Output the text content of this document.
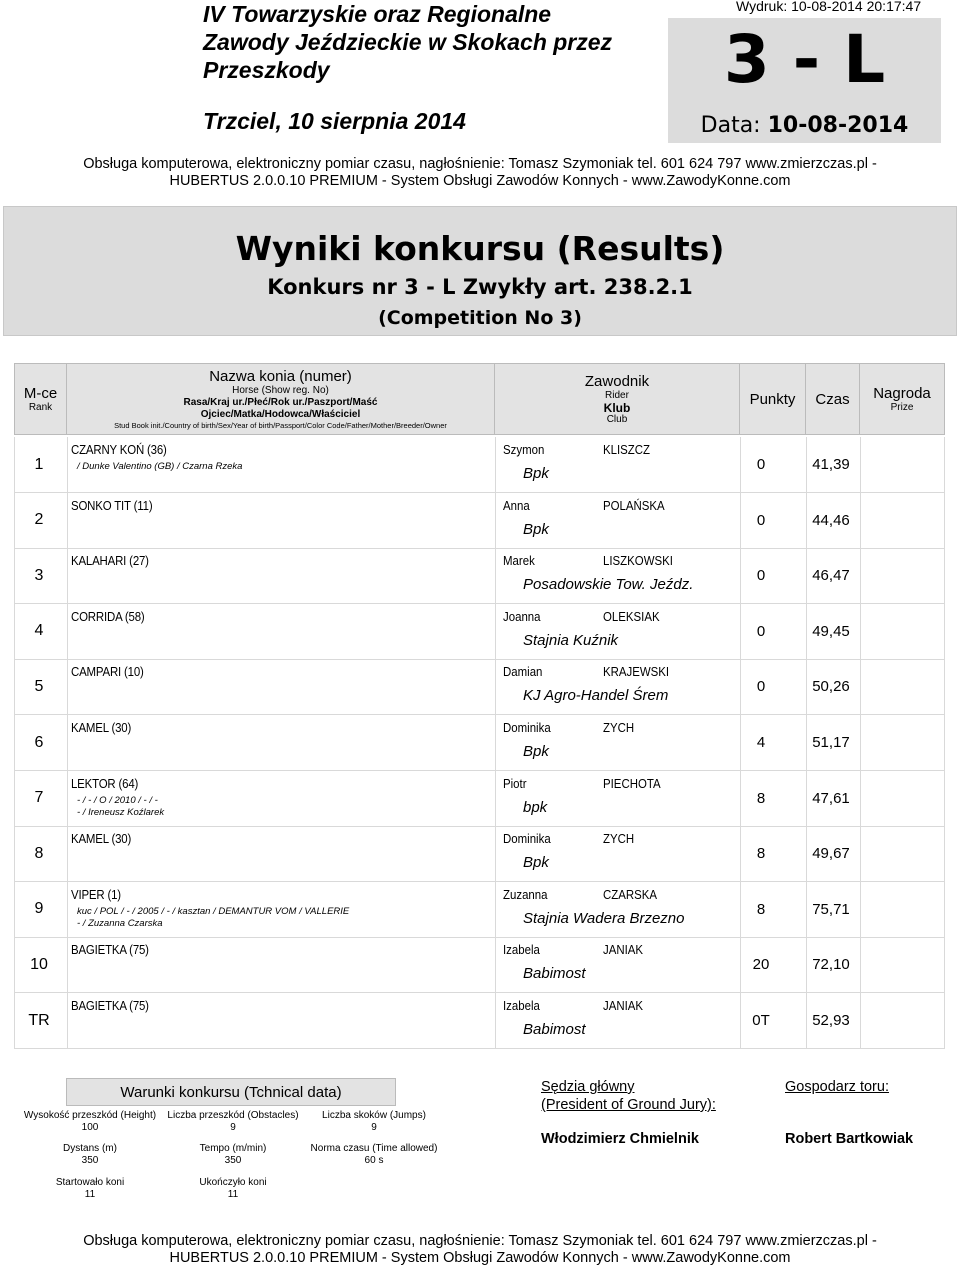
IV Towarzyskie oraz Regionalne
Zawody Jeździeckie w Skokach przez
Przeszkody
Trzciel, 10 sierpnia 2014
Wydruk: 10-08-2014 20:17:47
3 - L
Data: 10-08-2014
Obsługa komputerowa, elektroniczny pomiar czasu, nagłośnienie: Tomasz Szymoniak tel. 601 624 797 www.zmierzczas.pl -
HUBERTUS 2.0.0.10 PREMIUM - System Obsługi Zawodów Konnych - www.ZawodyKonne.com
Wyniki konkursu (Results)
Konkurs nr 3 - L Zwykły art. 238.2.1
(Competition No 3)
M-ce
Rank
Nazwa konia (numer)
Horse (Show reg. No)
Rasa/Kraj ur./Płeć/Rok ur./Paszport/Maść
Ojciec/Matka/Hodowca/Właściciel
Stud Book init./Country of birth/Sex/Year of birth/Passport/Color Code/Father/Mother/Breeder/Owner
Zawodnik
Rider
Klub
Club
Punkty Czas Nagroda
Prize
1
CZARNY KOŃ (36)
/ Dunke Valentino (GB) / Czarna Rzeka
Szymon	KLISZCZ
Bpk
0	41,39
2
SONKO TIT (11)	Anna	POLAŃSKA
Bpk
0	44,46
3
KALAHARI (27)	Marek	LISZKOWSKI
Posadowskie Tow. Jeźdz.
0	46,47
4
CORRIDA (58)	Joanna	OLEKSIAK
Stajnia Kuźnik
0	49,45
5
CAMPARI (10)	Damian	KRAJEWSKI
KJ Agro-Handel Śrem
0	50,26
6
KAMEL (30)	Dominika	ZYCH
Bpk
4	51,17
7
LEKTOR (64)
- / - / O / 2010 / - / -
- / Ireneusz Koźlarek
Piotr	PIECHOTA
bpk
8	47,61
8
KAMEL (30)	Dominika	ZYCH
Bpk
8	49,67
9
VIPER (1)
kuc / POL / - / 2005 / - / kasztan / DEMANTUR VOM / VALLERIE
- / Zuzanna Czarska
Zuzanna	CZARSKA
Stajnia Wadera Brzezno
8	75,71
10
BAGIETKA (75)	Izabela	JANIAK
Babimost
20	72,10
TR
BAGIETKA (75)	Izabela	JANIAK
Babimost
0T	52,93
Warunki konkursu (Tchnical data)
Wysokość przeszkód (Height)
100
Liczba przeszkód (Obstacles)
9
Liczba skoków (Jumps)
9
Dystans (m)
350
Tempo (m/min)
350
Norma czasu (Time allowed)
60 s
Startowało koni
11
Ukończyło koni
11
Sędzia główny
(President of Ground Jury):
Włodzimierz Chmielnik
Gospodarz toru:
Robert Bartkowiak
Obsługa komputerowa, elektroniczny pomiar czasu, nagłośnienie: Tomasz Szymoniak tel. 601 624 797 www.zmierzczas.pl -
HUBERTUS 2.0.0.10 PREMIUM - System Obsługi Zawodów Konnych - www.ZawodyKonne.com
